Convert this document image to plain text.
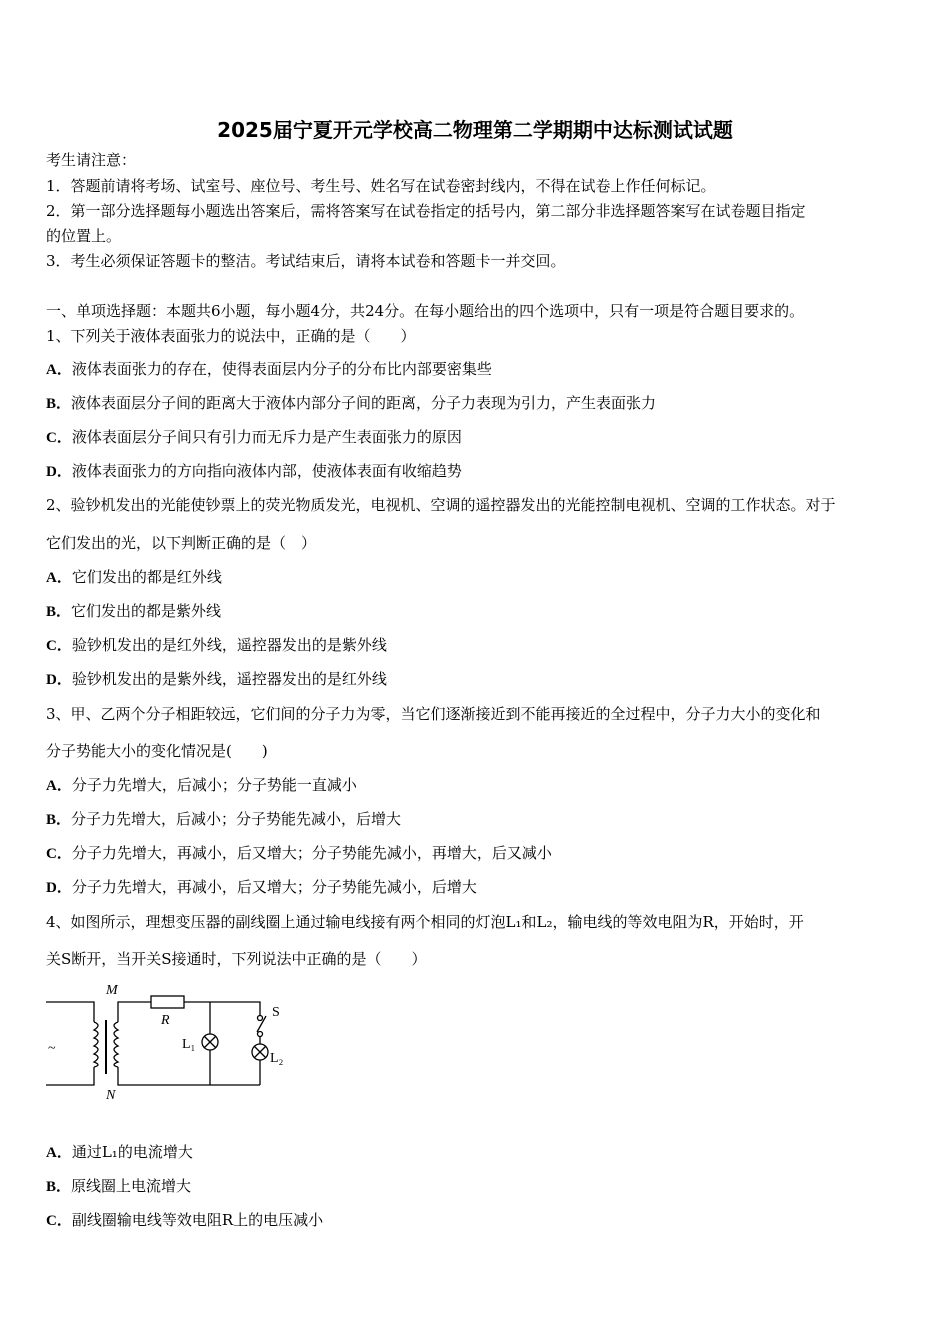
2025届宁夏开元学校高二物理第二学期期中达标测试试题
考生请注意：
1．答题前请将考场、试室号、座位号、考生号、姓名写在试卷密封线内，不得在试卷上作任何标记。
2．第一部分选择题每小题选出答案后，需将答案写在试卷指定的括号内，第二部分非选择题答案写在试卷题目指定
的位置上。
3．考生必须保证答题卡的整洁。考试结束后，请将本试卷和答题卡一并交回。
一、单项选择题：本题共6小题，每小题4分，共24分。在每小题给出的四个选项中，只有一项是符合题目要求的。
1、下列关于液体表面张力的说法中，正确的是（　　）
A．液体表面张力的存在，使得表面层内分子的分布比内部要密集些
B．液体表面层分子间的距离大于液体内部分子间的距离，分子力表现为引力，产生表面张力
C．液体表面层分子间只有引力而无斥力是产生表面张力的原因
D．液体表面张力的方向指向液体内部，使液体表面有收缩趋势
2、验钞机发出的光能使钞票上的荧光物质发光，电视机、空调的遥控器发出的光能控制电视机、空调的工作状态。对于
它们发出的光，以下判断正确的是（　）
A．它们发出的都是红外线
B．它们发出的都是紫外线
C．验钞机发出的是红外线，遥控器发出的是紫外线
D．验钞机发出的是紫外线，遥控器发出的是红外线
3、甲、乙两个分子相距较远，它们间的分子力为零，当它们逐渐接近到不能再接近的全过程中，分子力大小的变化和
分子势能大小的变化情况是(　　)
A．分子力先增大，后减小；分子势能一直减小
B．分子力先增大，后减小；分子势能先减小，后增大
C．分子力先增大，再减小，后又增大；分子势能先减小，再增大，后又减小
D．分子力先增大，再减小，后又增大；分子势能先减小，后增大
4、如图所示，理想变压器的副线圈上通过输电线接有两个相同的灯泡L₁和L₂，输电线的等效电阻为R，开始时，开
关S断开，当开关S接通时，下列说法中正确的是（　　）
~
M
N
R
S
L₁
L₂
A．通过L₁的电流增大
B．原线圈上电流增大
C．副线圈输电线等效电阻R上的电压减小
